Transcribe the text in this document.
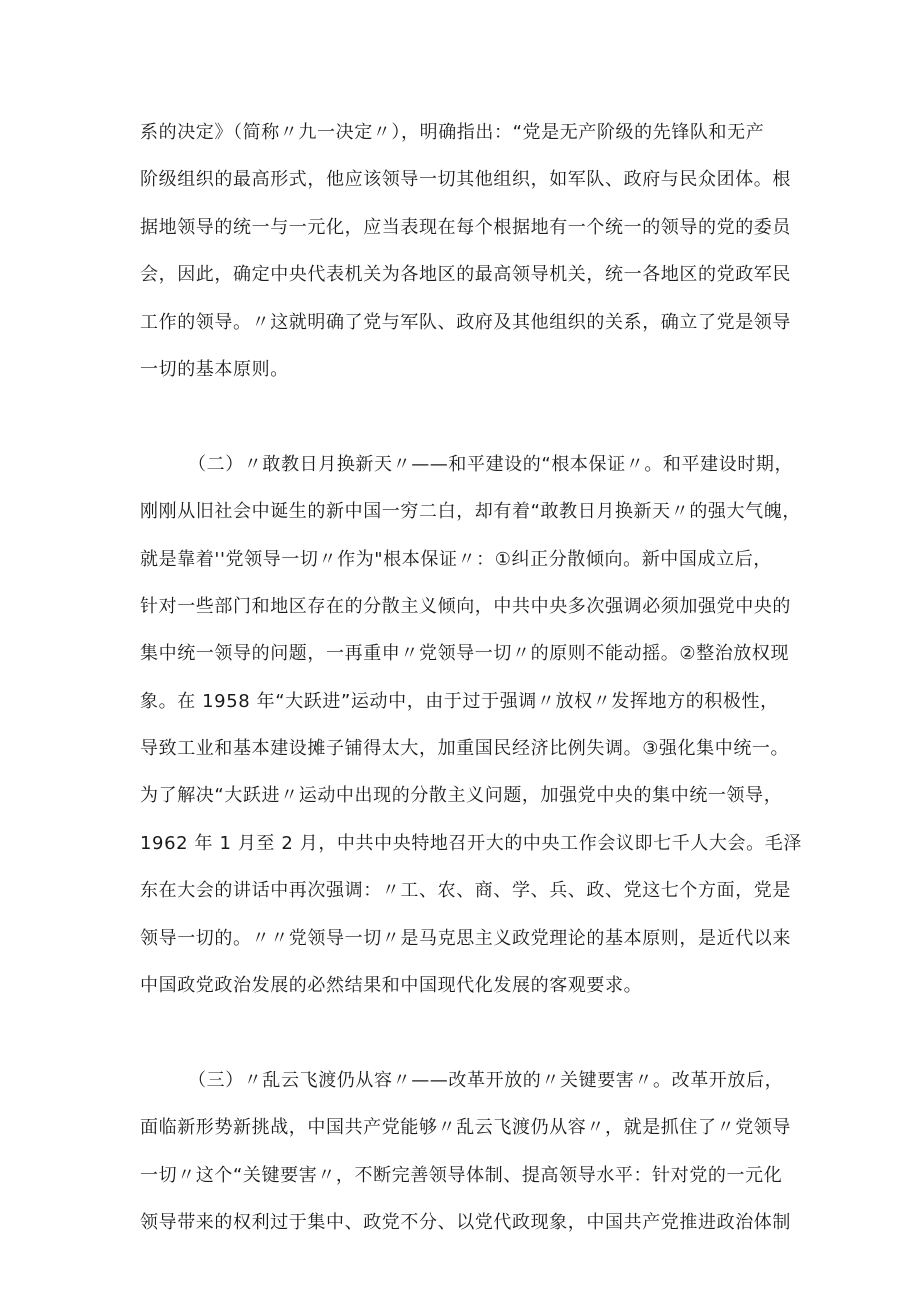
系的决定》（简称〃九一决定〃），明确指出：“党是无产阶级的先锋队和无产
阶级组织的最高形式，他应该领导一切其他组织，如军队、政府与民众团体。根
据地领导的统一与一元化，应当表现在每个根据地有一个统一的领导的党的委员
会，因此，确定中央代表机关为各地区的最高领导机关，统一各地区的党政军民
工作的领导。〃这就明确了党与军队、政府及其他组织的关系，确立了党是领导
一切的基本原则。
（二）〃敢教日月换新天〃——和平建设的“根本保证〃。和平建设时期，
刚刚从旧社会中诞生的新中国一穷二白，却有着“敢教日月换新天〃的强大气魄，
就是靠着''党领导一切〃作为"根本保证〃：①纠正分散倾向。新中国成立后，
针对一些部门和地区存在的分散主义倾向，中共中央多次强调必须加强党中央的
集中统一领导的问题，一再重申〃党领导一切〃的原则不能动摇。②整治放权现
象。在 1958 年“大跃进”运动中，由于过于强调〃放权〃发挥地方的积极性，
导致工业和基本建设摊子铺得太大，加重国民经济比例失调。③强化集中统一。
为了解决“大跃进〃运动中出现的分散主义问题，加强党中央的集中统一领导，
1962 年 1 月至 2 月，中共中央特地召开大的中央工作会议即七千人大会。毛泽
东在大会的讲话中再次强调：〃工、农、商、学、兵、政、党这七个方面，党是
领导一切的。〃〃党领导一切〃是马克思主义政党理论的基本原则，是近代以来
中国政党政治发展的必然结果和中国现代化发展的客观要求。
（三）〃乱云飞渡仍从容〃——改革开放的〃关键要害〃。改革开放后，
面临新形势新挑战，中国共产党能够〃乱云飞渡仍从容〃，就是抓住了〃党领导
一切〃这个“关键要害〃，不断完善领导体制、提高领导水平：针对党的一元化
领导带来的权利过于集中、政党不分、以党代政现象，中国共产党推进政治体制
